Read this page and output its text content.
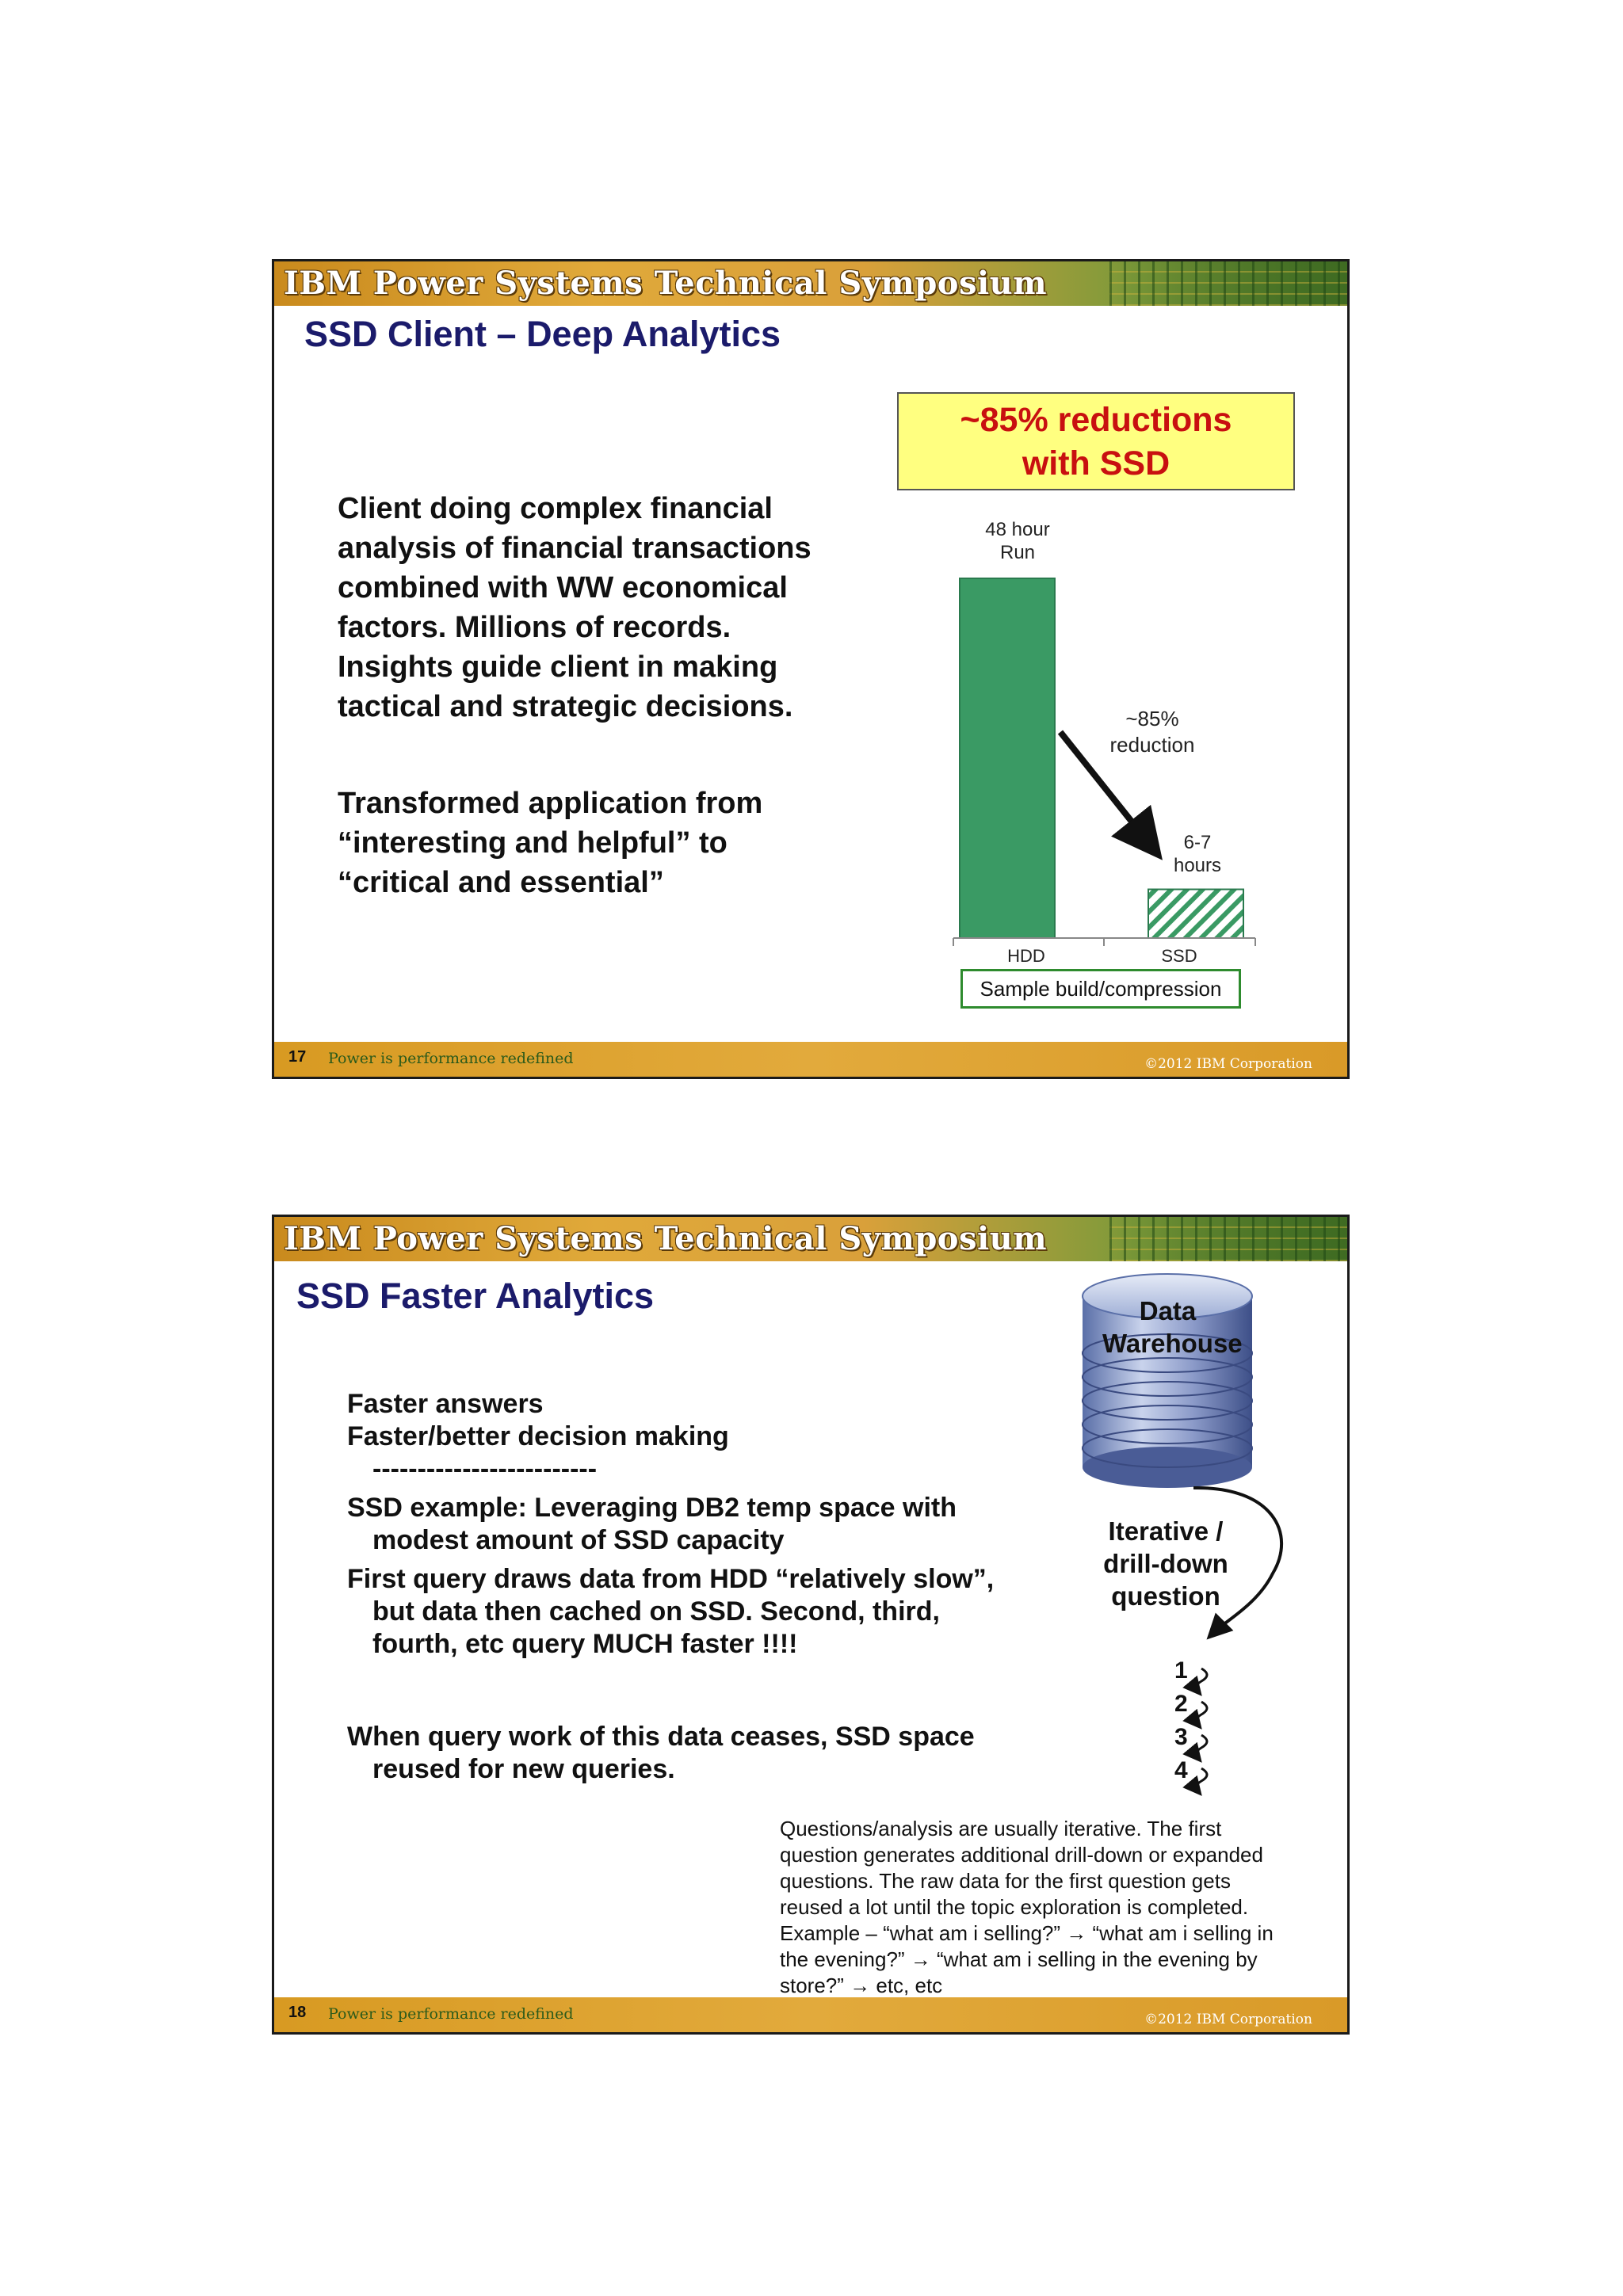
IBM Power Systems Technical Symposium
SSD Client – Deep Analytics

Client doing complex financial

analysis of financial transactions

combined with WW economical

factors. Millions of records.

Insights guide client in making

tactical and strategic decisions.

Transformed application from

“interesting and helpful” to

“critical and essential”

~85% reductions
with SSD
48 hour
Run
~85%
reduction
6-7
hours
HDD	SSD
Sample build/compression
17 Power is performance redefined	©2012 IBM Corporation
IBM Power Systems Technical Symposium
SSD Faster Analytics
Faster answers
Faster/better decision making
-------------------------
SSD example: Leveraging DB2 temp space with
modest amount of SSD capacity
First query draws data from HDD “relatively slow”,
but data then cached on SSD. Second, third,
fourth, etc query MUCH faster !!!!
When query work of this data ceases, SSD space
reused for new queries.
Data
Warehouse
Iterative /
drill-down
question
1
2
3
4
Questions/analysis are usually iterative. The first
question generates additional drill-down or expanded
questions. The raw data for the first question gets
reused a lot until the topic exploration is completed.
Example – “what am i selling?” → “what am i selling in
the evening?” → “what am i selling in the evening by
store?” → etc, etc
18 Power is performance redefined	©2012 IBM Corporation
